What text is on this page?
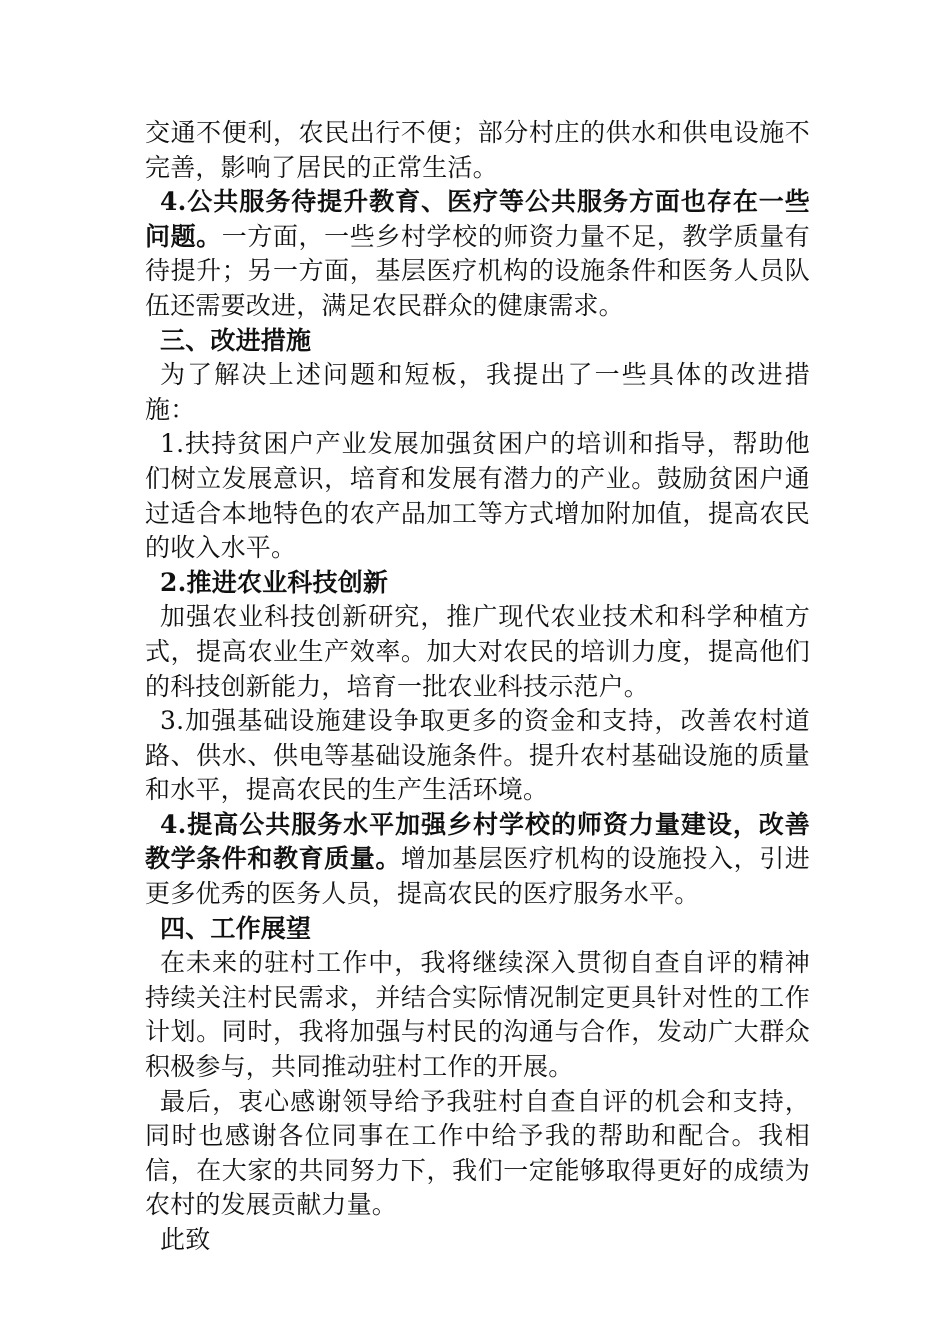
交通不便利，农民出行不便；部分村庄的供水和供电设施不完善，影响了居民的正常生活。

4.公共服务待提升教育、医疗等公共服务方面也存在一些问题。一方面，一些乡村学校的师资力量不足，教学质量有待提升；另一方面，基层医疗机构的设施条件和医务人员队伍还需要改进，满足农民群众的健康需求。

三、改进措施

为了解决上述问题和短板，我提出了一些具体的改进措施：

1.扶持贫困户产业发展加强贫困户的培训和指导，帮助他们树立发展意识，培育和发展有潜力的产业。鼓励贫困户通过适合本地特色的农产品加工等方式增加附加值，提高农民的收入水平。

2.推进农业科技创新

加强农业科技创新研究，推广现代农业技术和科学种植方式，提高农业生产效率。加大对农民的培训力度，提高他们的科技创新能力，培育一批农业科技示范户。

3.加强基础设施建设争取更多的资金和支持，改善农村道路、供水、供电等基础设施条件。提升农村基础设施的质量和水平，提高农民的生产生活环境。

4.提高公共服务水平加强乡村学校的师资力量建设，改善教学条件和教育质量。增加基层医疗机构的设施投入，引进更多优秀的医务人员，提高农民的医疗服务水平。

四、工作展望

在未来的驻村工作中，我将继续深入贯彻自查自评的精神持续关注村民需求，并结合实际情况制定更具针对性的工作计划。同时，我将加强与村民的沟通与合作，发动广大群众积极参与，共同推动驻村工作的开展。

最后，衷心感谢领导给予我驻村自查自评的机会和支持，同时也感谢各位同事在工作中给予我的帮助和配合。我相信，在大家的共同努力下，我们一定能够取得更好的成绩为农村的发展贡献力量。

此致
